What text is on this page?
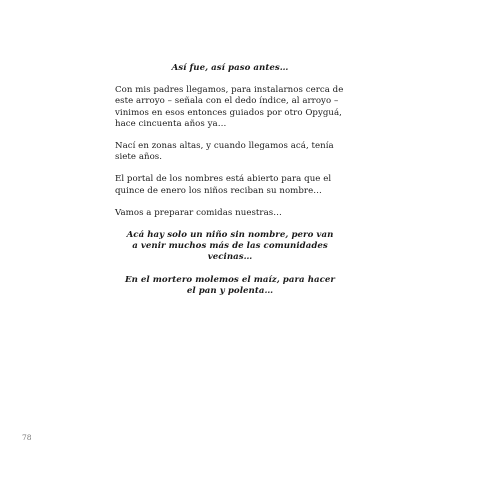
Así fue, así paso antes…

Con mis padres llegamos, para instalarnos cerca de
este arroyo – señala con el dedo índice, al arroyo –
vinimos en esos entonces guiados por otro Opyguá,
hace cincuenta años ya…

Nací en zonas altas, y cuando llegamos acá, tenía
siete años.

El portal de los nombres está abierto para que el
quince de enero los niños reciban su nombre…

Vamos a preparar comidas nuestras…

Acá hay solo un niño sin nombre, pero van
a venir muchos más de las comunidades
vecinas…

En el mortero molemos el maíz, para hacer
el pan y polenta…

78
